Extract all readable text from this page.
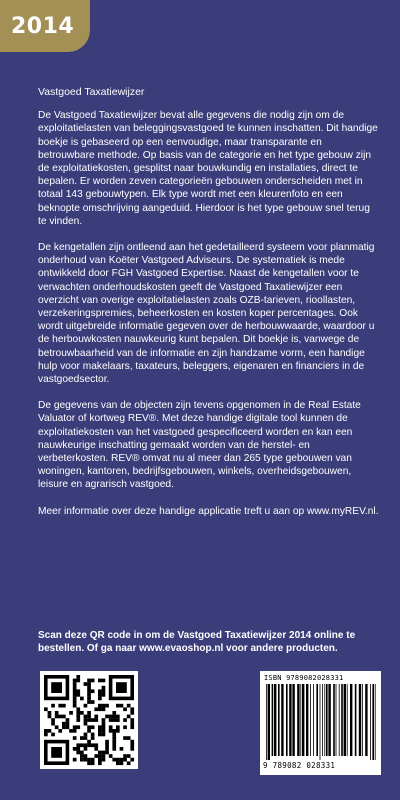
2014

Vastgoed Taxatiewijzer

De Vastgoed Taxatiewijzer bevat alle gegevens die nodig zijn om de exploitatielasten van beleggingsvastgoed te kunnen inschatten. Dit handige boekje is gebaseerd op een eenvoudige, maar transparante en betrouwbare methode. Op basis van de categorie en het type gebouw zijn de exploitatiekosten, gesplitst naar bouwkundig en installaties, direct te bepalen. Er worden zeven categorieën gebouwen onderscheiden met in totaal 143 gebouwtypen. Elk type wordt met een kleurenfoto en een beknopte omschrijving aangeduid. Hierdoor is het type gebouw snel terug te vinden.

De kengetallen zijn ontleend aan het gedetailleerd systeem voor planmatig onderhoud van Koëter Vastgoed Adviseurs. De systematiek is mede ontwikkeld door FGH Vastgoed Expertise. Naast de kengetallen voor te verwachten onderhoudskosten geeft de Vastgoed Taxatiewijzer een overzicht van overige exploitatielasten zoals OZB-tarieven, rioollasten, verzekeringspremies, beheerkosten en kosten koper percentages. Ook wordt uitgebreide informatie gegeven over de herbouwwaarde, waardoor u de herbouwkosten nauwkeurig kunt bepalen. Dit boekje is, vanwege de betrouwbaarheid van de informatie en zijn handzame vorm, een handige hulp voor makelaars, taxateurs, beleggers, eigenaren en financiers in de vastgoedsector.

De gegevens van de objecten zijn tevens opgenomen in de Real Estate Valuator of kortweg REV®. Met deze handige digitale tool kunnen de exploitatiekosten van het vastgoed gespecificeerd worden en kan een nauwkeurige inschatting gemaakt worden van de herstel- en verbeterkosten. REV® omvat nu al meer dan 265 type gebouwen van woningen, kantoren, bedrijfsgebouwen, winkels, overheidsgebouwen, leisure en agrarisch vastgoed.

Meer informatie over deze handige applicatie treft u aan op www.myREV.nl.

Scan deze QR code in om de Vastgoed Taxatiewijzer 2014 online te bestellen. Of ga naar www.evaoshop.nl voor andere producten.
ISBN 9789082028331
9 789082 028331
